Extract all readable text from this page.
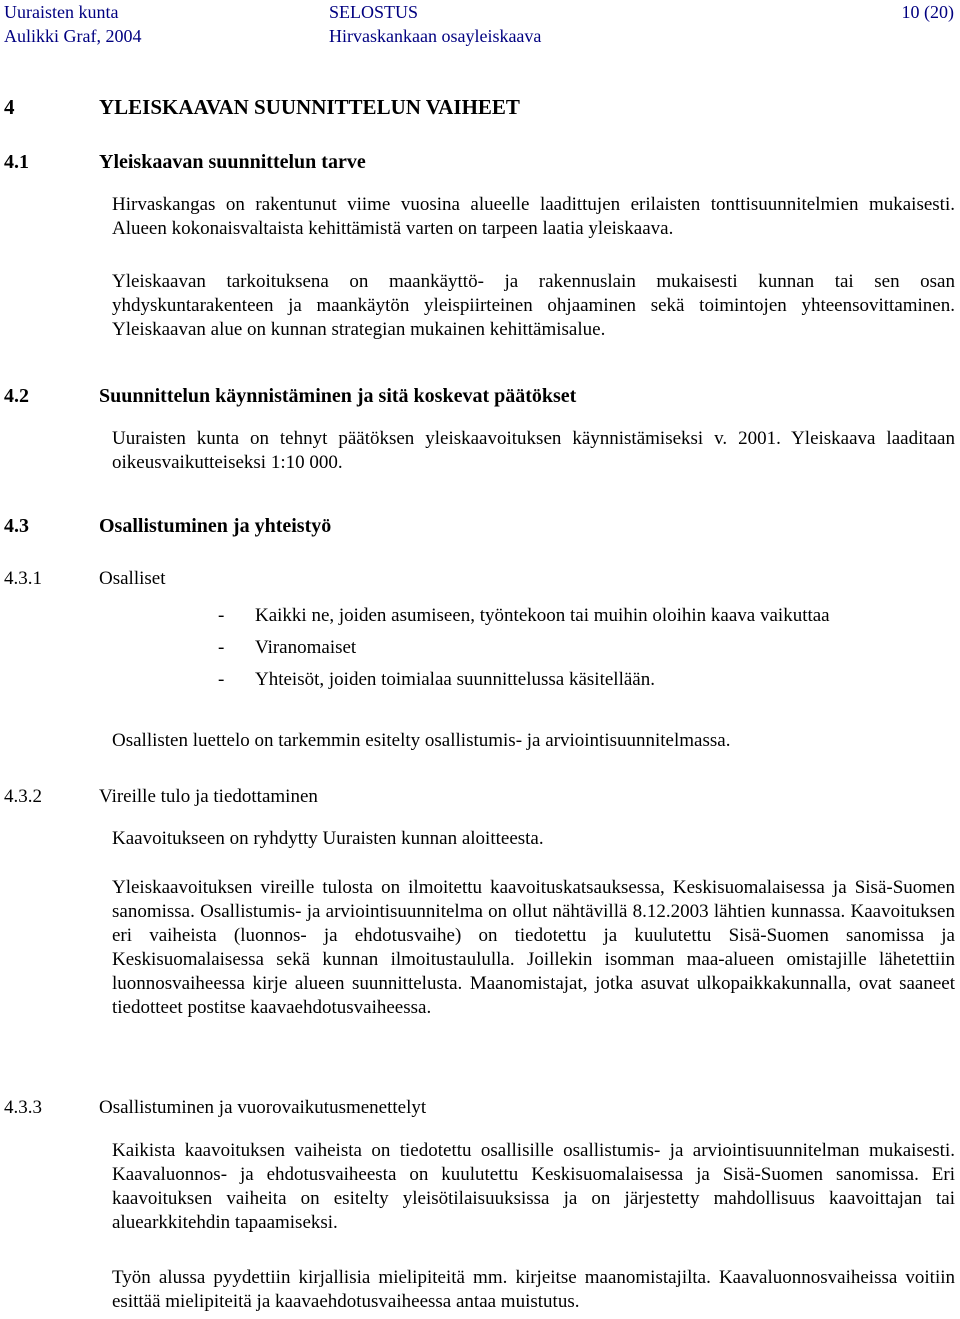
Uuraisten kunta	SELOSTUS	10 (20)
Aulikki Graf, 2004	Hirvaskankaan osayleiskaava
4	YLEISKAAVAN SUUNNITTELUN VAIHEET
4.1	Yleiskaavan suunnittelun tarve

Hirvaskangas on rakentunut viime vuosina alueelle laadittujen erilaisten tonttisuunnitelmien mukaisesti. Alueen kokonaisvaltaista kehittämistä varten on tarpeen laatia yleiskaava.

Yleiskaavan tarkoituksena on maankäyttö- ja rakennuslain mukaisesti kunnan tai sen osan yhdyskuntarakenteen ja maankäytön yleispiirteinen ohjaaminen sekä toimintojen yhteensovittaminen. Yleiskaavan alue on kunnan strategian mukainen kehittämisalue.

4.2	Suunnittelun käynnistäminen ja sitä koskevat päätökset

Uuraisten kunta on tehnyt päätöksen yleiskaavoituksen käynnistämiseksi v. 2001. Yleiskaava laaditaan oikeusvaikutteiseksi 1:10 000.

4.3	Osallistuminen ja yhteistyö
4.3.1	Osalliset
- Kaikki ne, joiden asumiseen, työntekoon tai muihin oloihin kaava vaikuttaa
- Viranomaiset
- Yhteisöt, joiden toimialaa suunnittelussa käsitellään.

Osallisten luettelo on tarkemmin esitelty osallistumis- ja arviointisuunnitelmassa.

4.3.2	Vireille tulo ja tiedottaminen

Kaavoitukseen on ryhdytty Uuraisten kunnan aloitteesta.

Yleiskaavoituksen vireille tulosta on ilmoitettu kaavoituskatsauksessa, Keskisuomalaisessa ja Sisä-Suomen sanomissa. Osallistumis- ja arviointisuunnitelma on ollut nähtävillä 8.12.2003 lähtien kunnassa. Kaavoituksen eri vaiheista (luonnos- ja ehdotusvaihe) on tiedotettu ja kuulutettu Sisä-Suomen sanomissa ja Keskisuomalaisessa sekä kunnan ilmoitustaululla. Joillekin isomman maa-alueen omistajille lähetettiin luonnosvaiheessa kirje alueen suunnittelusta. Maanomistajat, jotka asuvat ulkopaikkakunnalla, ovat saaneet tiedotteet postitse kaavaehdotusvaiheessa.

4.3.3	Osallistuminen ja vuorovaikutusmenettelyt

Kaikista kaavoituksen vaiheista on tiedotettu osallisille osallistumis- ja arviointisuunnitelman mukaisesti. Kaavaluonnos- ja ehdotusvaiheesta on kuulutettu Keskisuomalaisessa ja Sisä-Suomen sanomissa. Eri kaavoituksen vaiheita on esitelty yleisötilaisuuksissa ja on järjestetty mahdollisuus kaavoittajan tai aluearkkitehdin tapaamiseksi.

Työn alussa pyydettiin kirjallisia mielipiteitä mm. kirjeitse maanomistajilta. Kaavaluonnosvaiheissa voitiin esittää mielipiteitä ja kaavaehdotusvaiheessa antaa muistutus.
